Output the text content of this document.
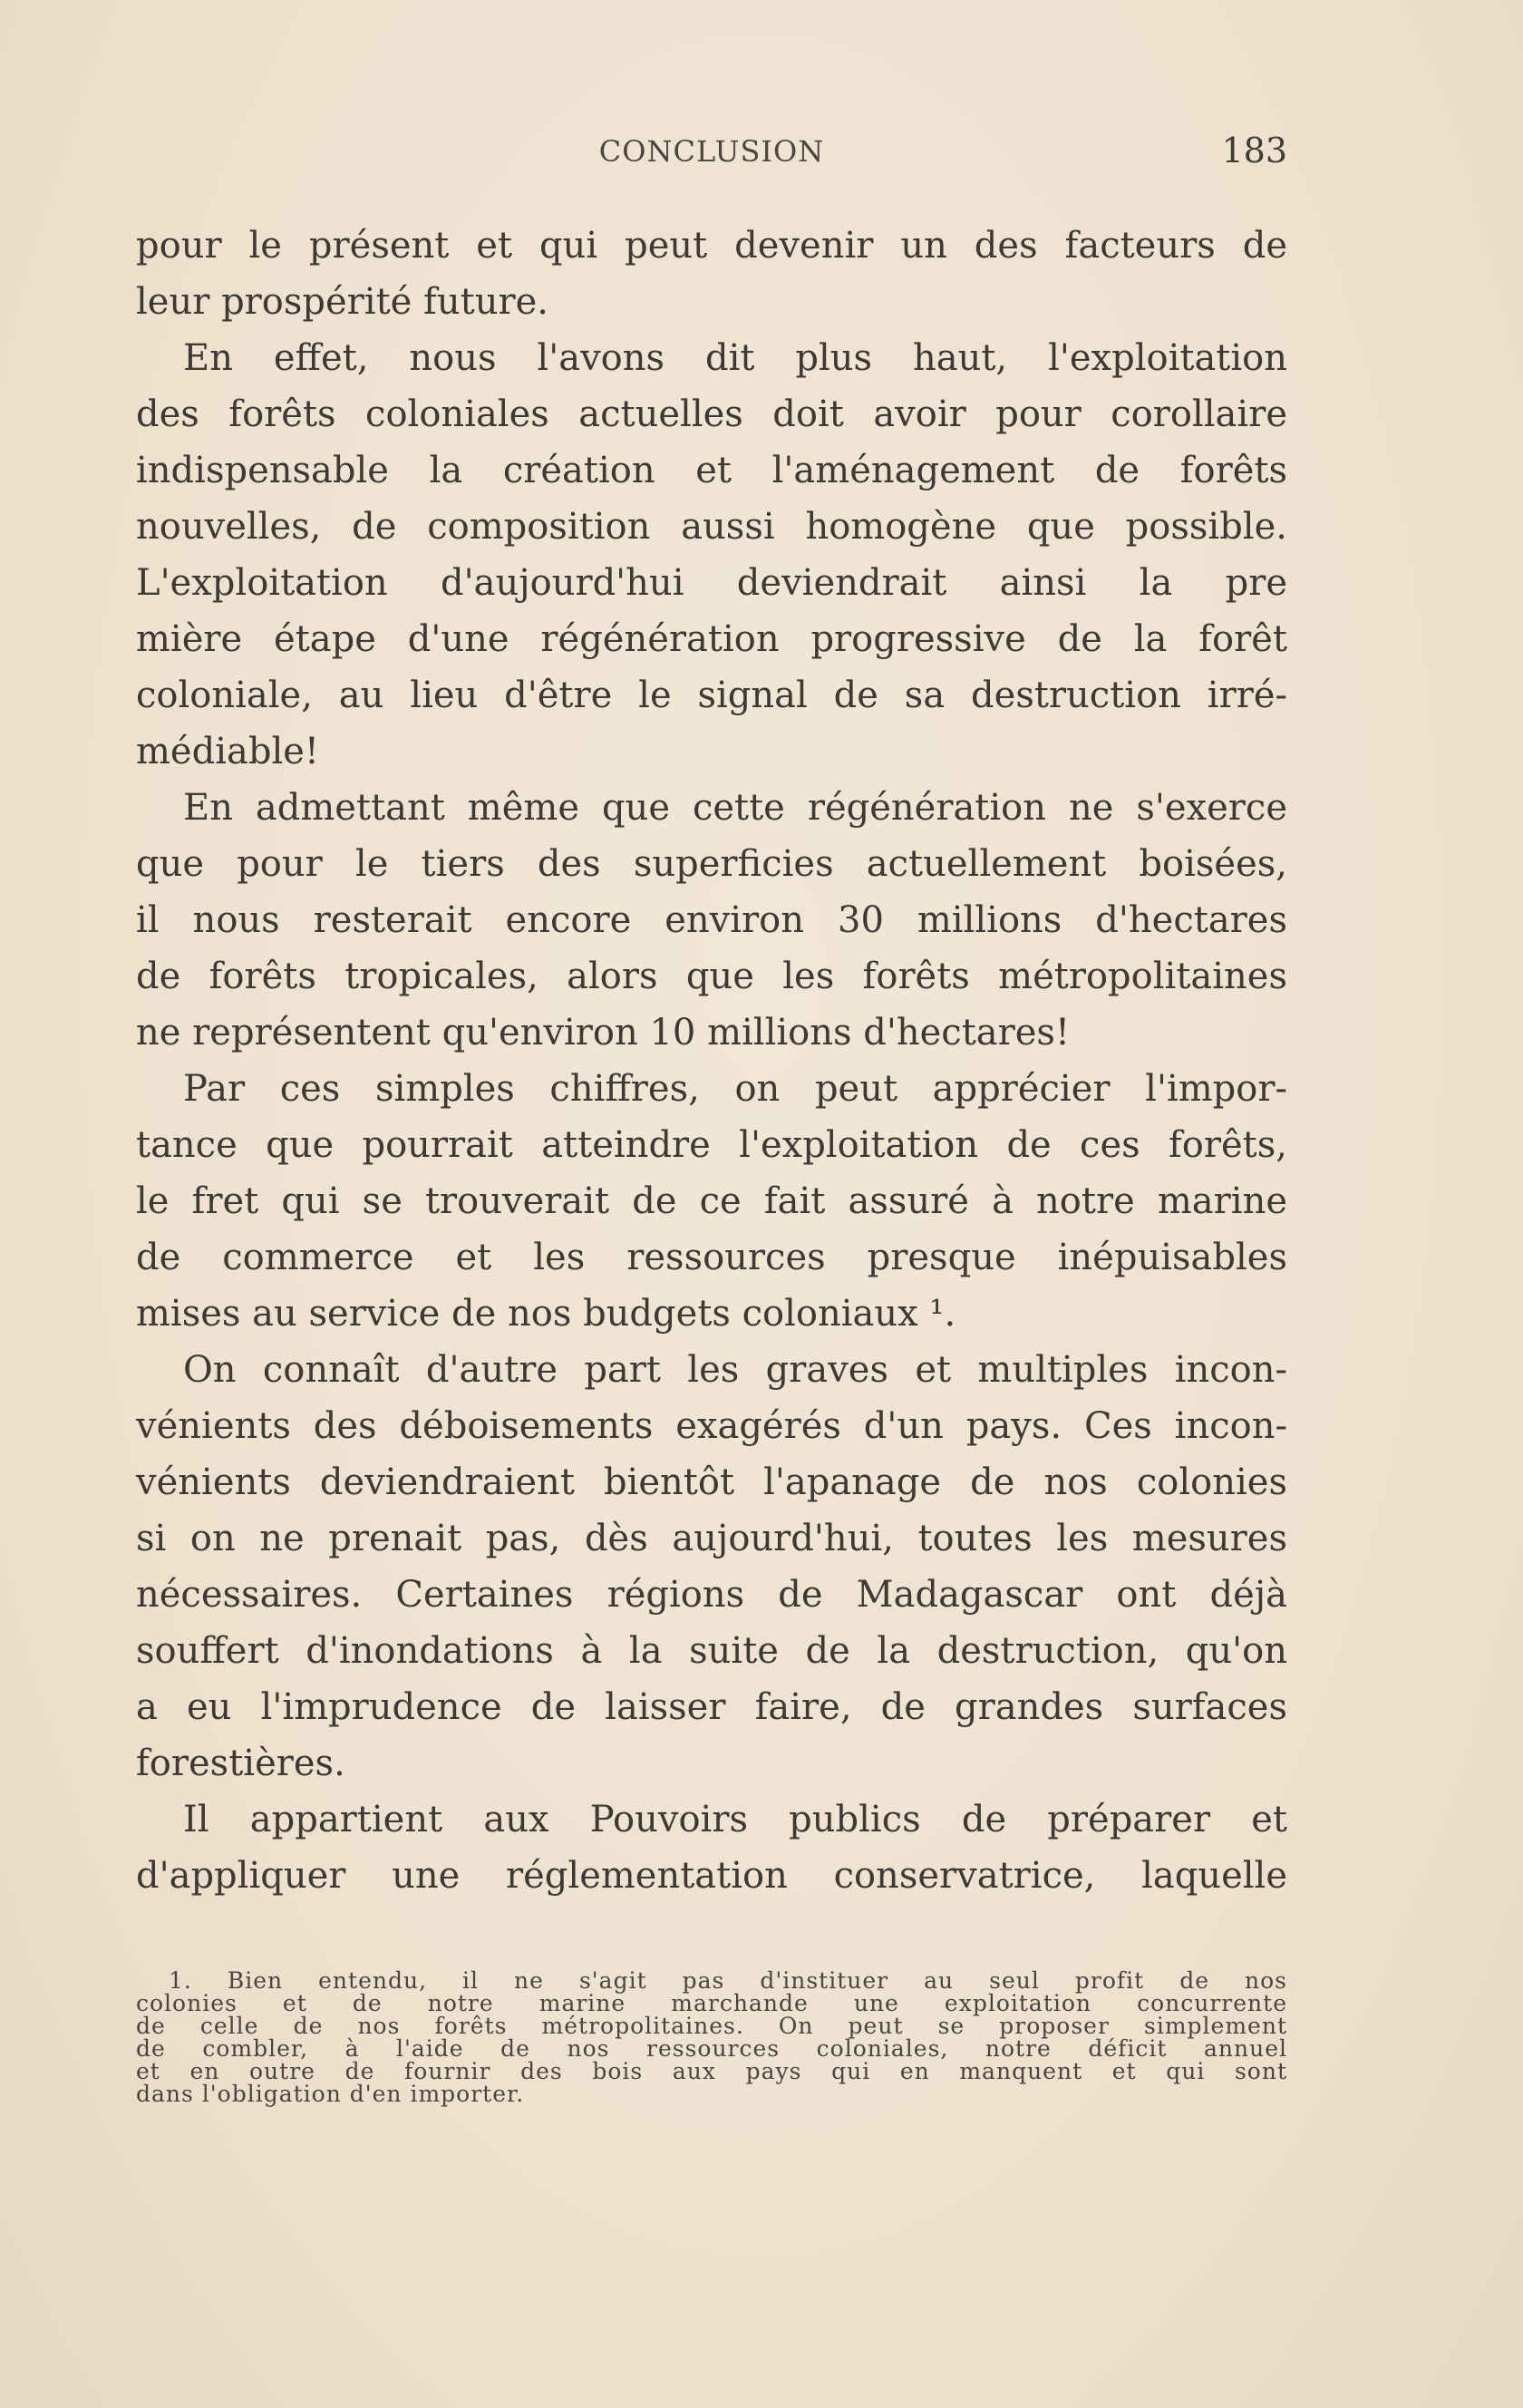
CONCLUSION	183
pour le présent et qui peut devenir un des facteurs de
leur prospérité future.
En effet, nous l'avons dit plus haut, l'exploitation
des forêts coloniales actuelles doit avoir pour corollaire
indispensable la création et l'aménagement de forêts
nouvelles, de composition aussi homogène que possible.
L'exploitation d'aujourd'hui deviendrait ainsi la pre
mière étape d'une régénération progressive de la forêt
coloniale, au lieu d'être le signal de sa destruction irré-
médiable!
En admettant même que cette régénération ne s'exerce
que pour le tiers des superficies actuellement boisées,
il nous resterait encore environ 30 millions d'hectares
de forêts tropicales, alors que les forêts métropolitaines
ne représentent qu'environ 10 millions d'hectares!
Par ces simples chiffres, on peut apprécier l'impor-
tance que pourrait atteindre l'exploitation de ces forêts,
le fret qui se trouverait de ce fait assuré à notre marine
de commerce et les ressources presque inépuisables
mises au service de nos budgets coloniaux ¹.
On connaît d'autre part les graves et multiples incon-
vénients des déboisements exagérés d'un pays. Ces incon-
vénients deviendraient bientôt l'apanage de nos colonies
si on ne prenait pas, dès aujourd'hui, toutes les mesures
nécessaires. Certaines régions de Madagascar ont déjà
souffert d'inondations à la suite de la destruction, qu'on
a eu l'imprudence de laisser faire, de grandes surfaces
forestières.
Il appartient aux Pouvoirs publics de préparer et
d'appliquer une réglementation conservatrice, laquelle
1. Bien entendu, il ne s'agit pas d'instituer au seul profit de nos
colonies et de notre marine marchande une exploitation concurrente
de celle de nos forêts métropolitaines. On peut se proposer simplement
de combler, à l'aide de nos ressources coloniales, notre déficit annuel
et en outre de fournir des bois aux pays qui en manquent et qui sont
dans l'obligation d'en importer.
